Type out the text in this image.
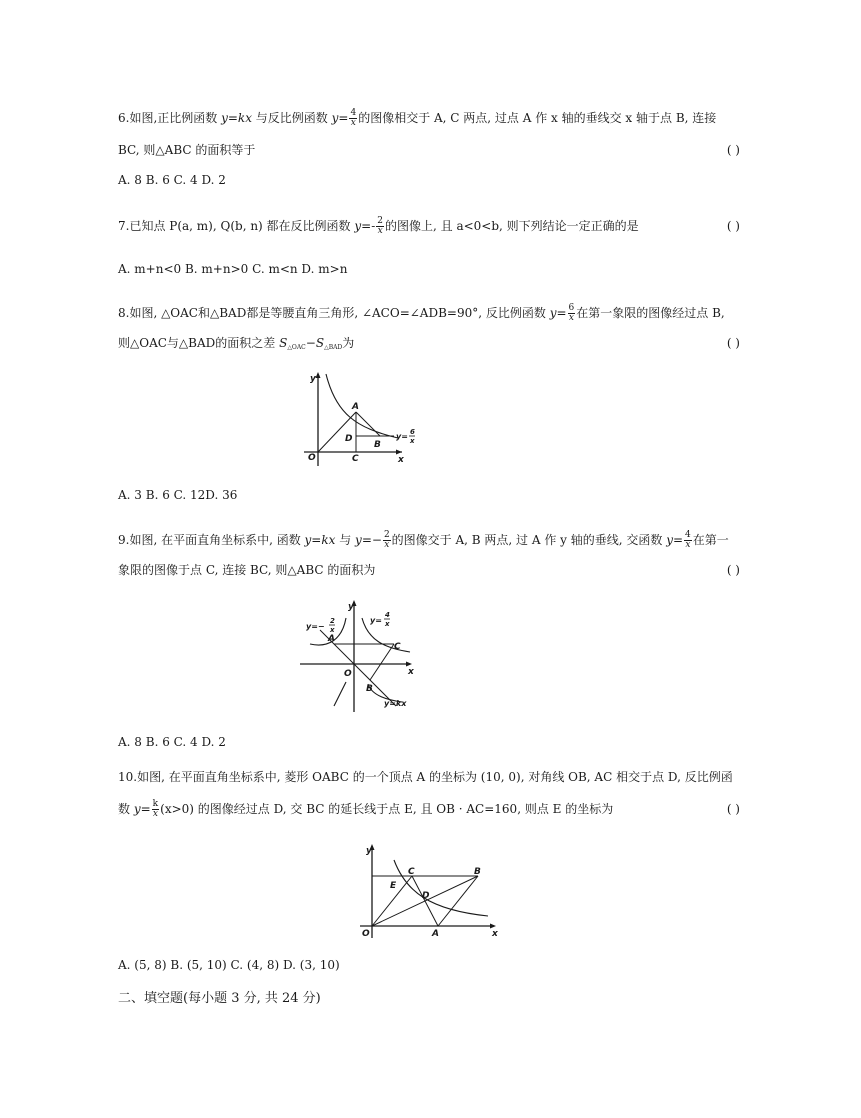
6.如图,正比例函数 y=kx 与反比例函数 $y= \frac{4}{x}$ 的图像相交于 A, C 两点, 过点 A 作 x 轴的垂线交 x 轴于点 B, 连接
BC, 则△ABC 的面积等于	( )
A. 8 B. 6 C. 4 D. 2
7.已知点 P(a, m), Q(b, n) 都在反比例函数 $y=- \frac{2}{x}$ 的图像上, 且 a<0<b, 则下列结论一定正确的是	( )
A. m+n<0 B. m+n>0 C. m<n D. m>n
8.如图, △OAC和△BAD都是等腰直角三角形, ∠ACO=∠ADB=90°, 反比例函数 $y= \frac{6}{x}$ 在第一象限的图像经过点 B,
则△OAC与△BAD的面积之差 $S_{\triangle OAC}-S_{\triangle BAD}$为	( )
y
x
O
A
D
B
C
y= 6
x
A. 3 B. 6 C. 12D. 36
9.如图, 在平面直角坐标系中, 函数 y=kx 与 $y=- \frac{2}{x}$ 的图像交于 A, B 两点, 过 A 作 y 轴的垂线, 交函数 $y= \frac{4}{x}$ 在第一
象限的图像于点 C, 连接 BC, 则△ABC 的面积为	( )
y
x
O
A
C
B
y=−
2
x
y=
4
x
y=kx
A. 8 B. 6 C. 4 D. 2
10.如图, 在平面直角坐标系中, 菱形 OABC 的一个顶点 A 的坐标为 (10, 0), 对角线 OB, AC 相交于点 D, 反比例函
数 $y= \frac{k}{x} (x>0)$ 的图像经过点 D, 交 BC 的延长线于点 E, 且 OB · AC=160, 则点 E 的坐标为	( )
y
x
O	A
B
C
D
E
A. (5, 8) B. (5, 10) C. (4, 8) D. (3, 10)
二、填空题(每小题 3 分, 共 24 分)
